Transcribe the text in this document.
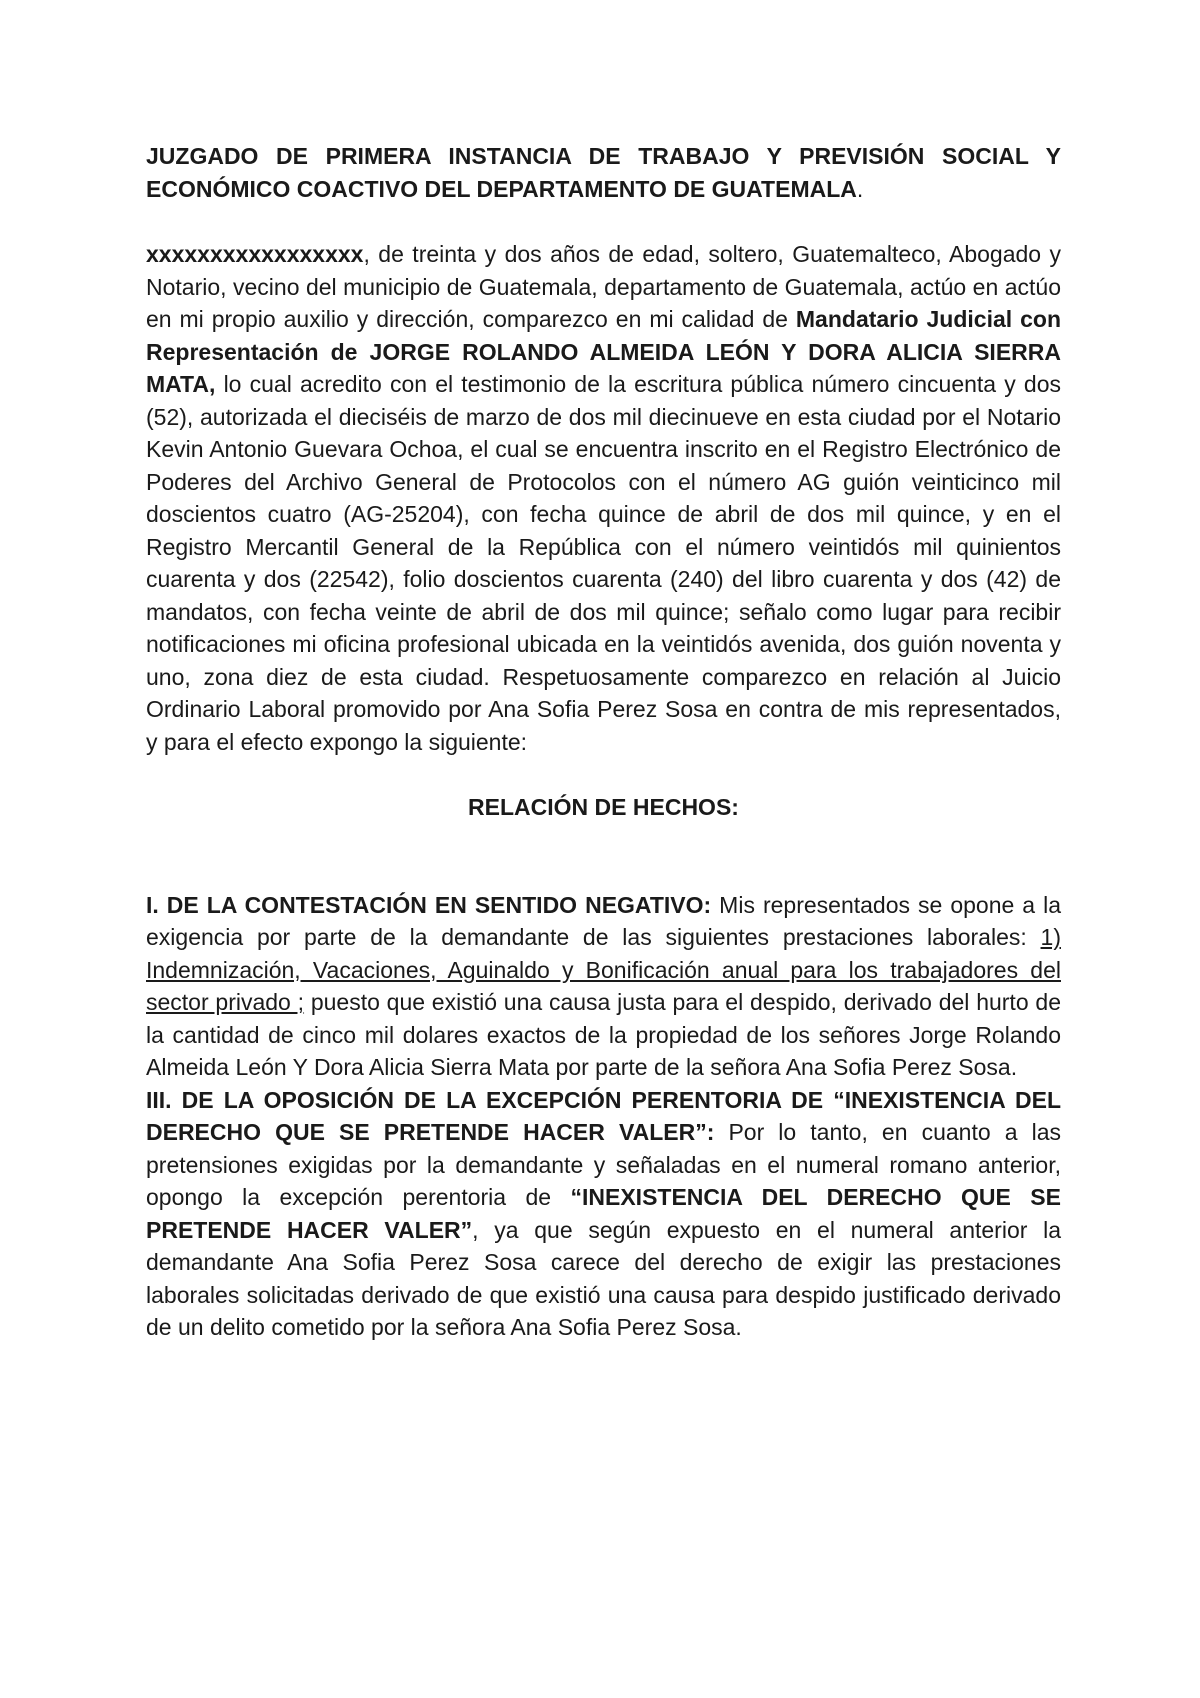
JUZGADO DE PRIMERA INSTANCIA DE TRABAJO Y PREVISIÓN SOCIAL Y ECONÓMICO COACTIVO DEL DEPARTAMENTO DE GUATEMALA.

xxxxxxxxxxxxxxxxx, de treinta y dos años de edad, soltero, Guatemalteco, Abogado y Notario, vecino del municipio de Guatemala, departamento de Guatemala, actúo en actúo en mi propio auxilio y dirección, comparezco en mi calidad de Mandatario Judicial con Representación de JORGE ROLANDO ALMEIDA LEÓN Y DORA ALICIA SIERRA MATA, lo cual acredito con el testimonio de la escritura pública número cincuenta y dos (52), autorizada el dieciséis de marzo de dos mil diecinueve en esta ciudad por el Notario Kevin Antonio Guevara Ochoa, el cual se encuentra inscrito en el Registro Electrónico de Poderes del Archivo General de Protocolos con el número AG guión veinticinco mil doscientos cuatro (AG-25204), con fecha quince de abril de dos mil quince, y en el Registro Mercantil General de la República con el número veintidós mil quinientos cuarenta y dos (22542), folio doscientos cuarenta (240) del libro cuarenta y dos (42) de mandatos, con fecha veinte de abril de dos mil quince; señalo como lugar para recibir notificaciones mi oficina profesional ubicada en la veintidós avenida, dos guión noventa y uno, zona diez de esta ciudad. Respetuosamente comparezco en relación al Juicio Ordinario Laboral promovido por Ana Sofia Perez Sosa en contra de mis representados, y para el efecto expongo la siguiente:

RELACIÓN DE HECHOS:

I. DE LA CONTESTACIÓN EN SENTIDO NEGATIVO: Mis representados se opone a la exigencia por parte de la demandante de las siguientes prestaciones laborales: 1) Indemnización, Vacaciones, Aguinaldo y Bonificación anual para los trabajadores del sector privado ; puesto que existió una causa justa para el despido, derivado del hurto de la cantidad de cinco mil dolares exactos de la propiedad de los señores Jorge Rolando Almeida León Y Dora Alicia Sierra Mata por parte de la señora Ana Sofia Perez Sosa.

III. DE LA OPOSICIÓN DE LA EXCEPCIÓN PERENTORIA DE “INEXISTENCIA DEL DERECHO QUE SE PRETENDE HACER VALER”: Por lo tanto, en cuanto a las pretensiones exigidas por la demandante y señaladas en el numeral romano anterior, opongo la excepción perentoria de “INEXISTENCIA DEL DERECHO QUE SE PRETENDE HACER VALER”, ya que según expuesto en el numeral anterior la demandante Ana Sofia Perez Sosa carece del derecho de exigir las prestaciones laborales solicitadas derivado de que existió una causa para despido justificado derivado de un delito cometido por la señora Ana Sofia Perez Sosa.
